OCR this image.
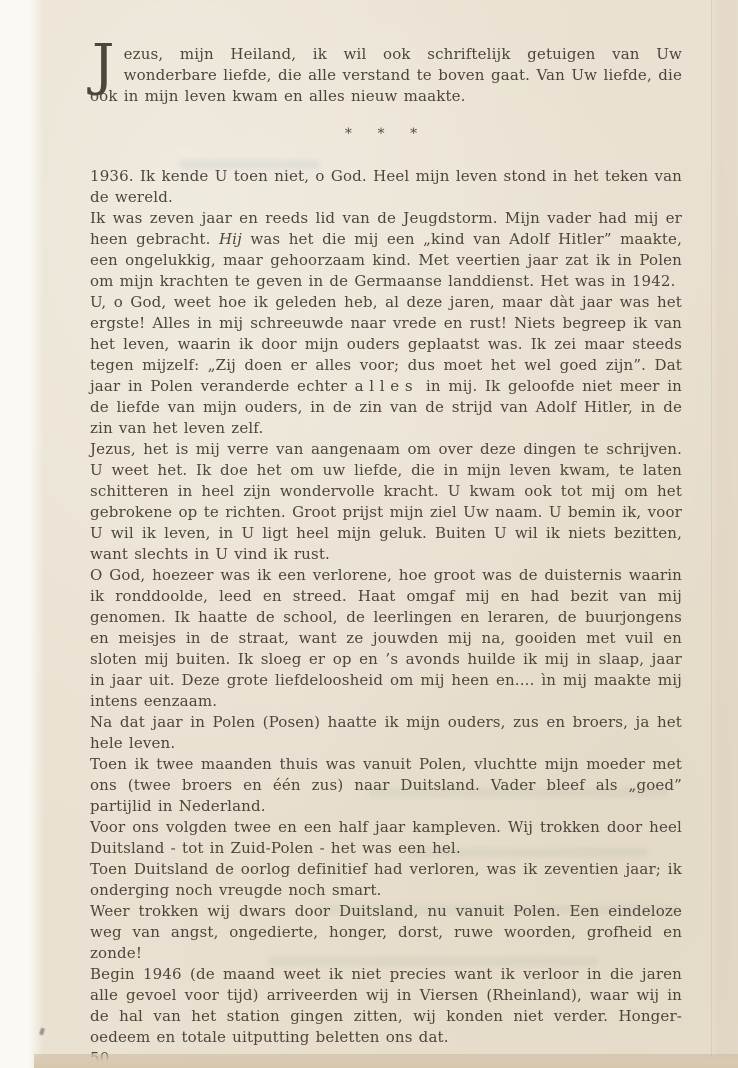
Jezus, mijn Heiland, ik wil ook schriftelijk getuigen van Uw wonderbare liefde, die alle verstand te boven gaat. Van Uw liefde, die ook in mijn leven kwam en alles nieuw maakte.

* * *

1936. Ik kende U toen niet, o God. Heel mijn leven stond in het teken van de wereld.

Ik was zeven jaar en reeds lid van de Jeugdstorm. Mijn vader had mij er heen gebracht. Hij was het die mij een „kind van Adolf Hitler” maakte, een ongelukkig, maar gehoorzaam kind. Met veertien jaar zat ik in Polen om mijn krachten te geven in de Germaanse landdienst. Het was in 1942.

U, o God, weet hoe ik geleden heb, al deze jaren, maar dàt jaar was het ergste! Alles in mij schreeuwde naar vrede en rust! Niets begreep ik van het leven, waarin ik door mijn ouders geplaatst was. Ik zei maar steeds tegen mijzelf: „Zij doen er alles voor; dus moet het wel goed zijn”. Dat jaar in Polen veranderde echter alles in mij. Ik geloofde niet meer in de liefde van mijn ouders, in de zin van de strijd van Adolf Hitler, in de zin van het leven zelf.

Jezus, het is mij verre van aangenaam om over deze dingen te schrijven. U weet het. Ik doe het om uw liefde, die in mijn leven kwam, te laten schitteren in heel zijn wondervolle kracht. U kwam ook tot mij om het gebrokene op te richten. Groot prijst mijn ziel Uw naam. U bemin ik, voor U wil ik leven, in U ligt heel mijn geluk. Buiten U wil ik niets bezitten, want slechts in U vind ik rust.

O God, hoezeer was ik een verlorene, hoe groot was de duisternis waarin ik ronddoolde, leed en streed. Haat omgaf mij en had bezit van mij genomen. Ik haatte de school, de leerlingen en leraren, de buurjongens en meisjes in de straat, want ze jouwden mij na, gooiden met vuil en sloten mij buiten. Ik sloeg er op en ’s avonds huilde ik mij in slaap, jaar in jaar uit. Deze grote liefdeloosheid om mij heen en.... ìn mij maakte mij intens eenzaam.

Na dat jaar in Polen (Posen) haatte ik mijn ouders, zus en broers, ja het hele leven.

Toen ik twee maanden thuis was vanuit Polen, vluchtte mijn moeder met ons (twee broers en één zus) naar Duitsland. Vader bleef als „goed” partijlid in Nederland.

Voor ons volgden twee en een half jaar kampleven. Wij trokken door heel Duitsland - tot in Zuid-Polen - het was een hel.

Toen Duitsland de oorlog definitief had verloren, was ik zeventien jaar; ik onderging noch vreugde noch smart.

Weer trokken wij dwars door Duitsland, nu vanuit Polen. Een eindeloze weg van angst, ongedierte, honger, dorst, ruwe woorden, grofheid en zonde!

Begin 1946 (de maand weet ik niet precies want ik verloor in die jaren alle gevoel voor tijd) arriveerden wij in Viersen (Rheinland), waar wij in de hal van het station gingen zitten, wij konden niet verder. Honger-oedeem en totale uitputting beletten ons dat.
